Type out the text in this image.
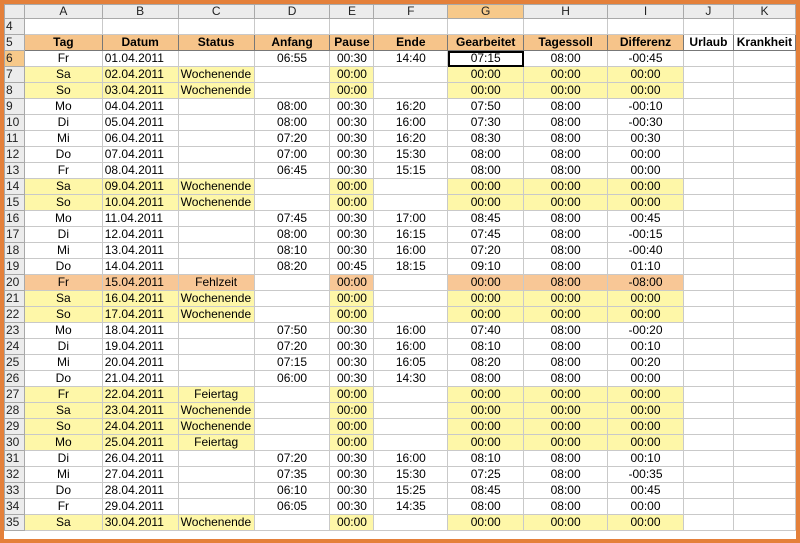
	A	B	C	D	E	F	G	H	I	J	K
4											
5	Tag	Datum	Status	Anfang	Pause	Ende	Gearbeitet	Tagessoll	Differenz	Urlaub	Krankheit
6	Fr	01.04.2011		06:55	00:30	14:40	07:15	08:00	-00:45		
7	Sa	02.04.2011	Wochenende		00:00		00:00	00:00	00:00		
8	So	03.04.2011	Wochenende		00:00		00:00	00:00	00:00		
9	Mo	04.04.2011		08:00	00:30	16:20	07:50	08:00	-00:10		
10	Di	05.04.2011		08:00	00:30	16:00	07:30	08:00	-00:30		
11	Mi	06.04.2011		07:20	00:30	16:20	08:30	08:00	00:30		
12	Do	07.04.2011		07:00	00:30	15:30	08:00	08:00	00:00		
13	Fr	08.04.2011		06:45	00:30	15:15	08:00	08:00	00:00		
14	Sa	09.04.2011	Wochenende		00:00		00:00	00:00	00:00		
15	So	10.04.2011	Wochenende		00:00		00:00	00:00	00:00		
16	Mo	11.04.2011		07:45	00:30	17:00	08:45	08:00	00:45		
17	Di	12.04.2011		08:00	00:30	16:15	07:45	08:00	-00:15		
18	Mi	13.04.2011		08:10	00:30	16:00	07:20	08:00	-00:40		
19	Do	14.04.2011		08:20	00:45	18:15	09:10	08:00	01:10		
20	Fr	15.04.2011	Fehlzeit		00:00		00:00	08:00	-08:00		
21	Sa	16.04.2011	Wochenende		00:00		00:00	00:00	00:00		
22	So	17.04.2011	Wochenende		00:00		00:00	00:00	00:00		
23	Mo	18.04.2011		07:50	00:30	16:00	07:40	08:00	-00:20		
24	Di	19.04.2011		07:20	00:30	16:00	08:10	08:00	00:10		
25	Mi	20.04.2011		07:15	00:30	16:05	08:20	08:00	00:20		
26	Do	21.04.2011		06:00	00:30	14:30	08:00	08:00	00:00		
27	Fr	22.04.2011	Feiertag		00:00		00:00	00:00	00:00		
28	Sa	23.04.2011	Wochenende		00:00		00:00	00:00	00:00		
29	So	24.04.2011	Wochenende		00:00		00:00	00:00	00:00		
30	Mo	25.04.2011	Feiertag		00:00		00:00	00:00	00:00		
31	Di	26.04.2011		07:20	00:30	16:00	08:10	08:00	00:10		
32	Mi	27.04.2011		07:35	00:30	15:30	07:25	08:00	-00:35		
33	Do	28.04.2011		06:10	00:30	15:25	08:45	08:00	00:45		
34	Fr	29.04.2011		06:05	00:30	14:35	08:00	08:00	00:00		
35	Sa	30.04.2011	Wochenende		00:00		00:00	00:00	00:00		
